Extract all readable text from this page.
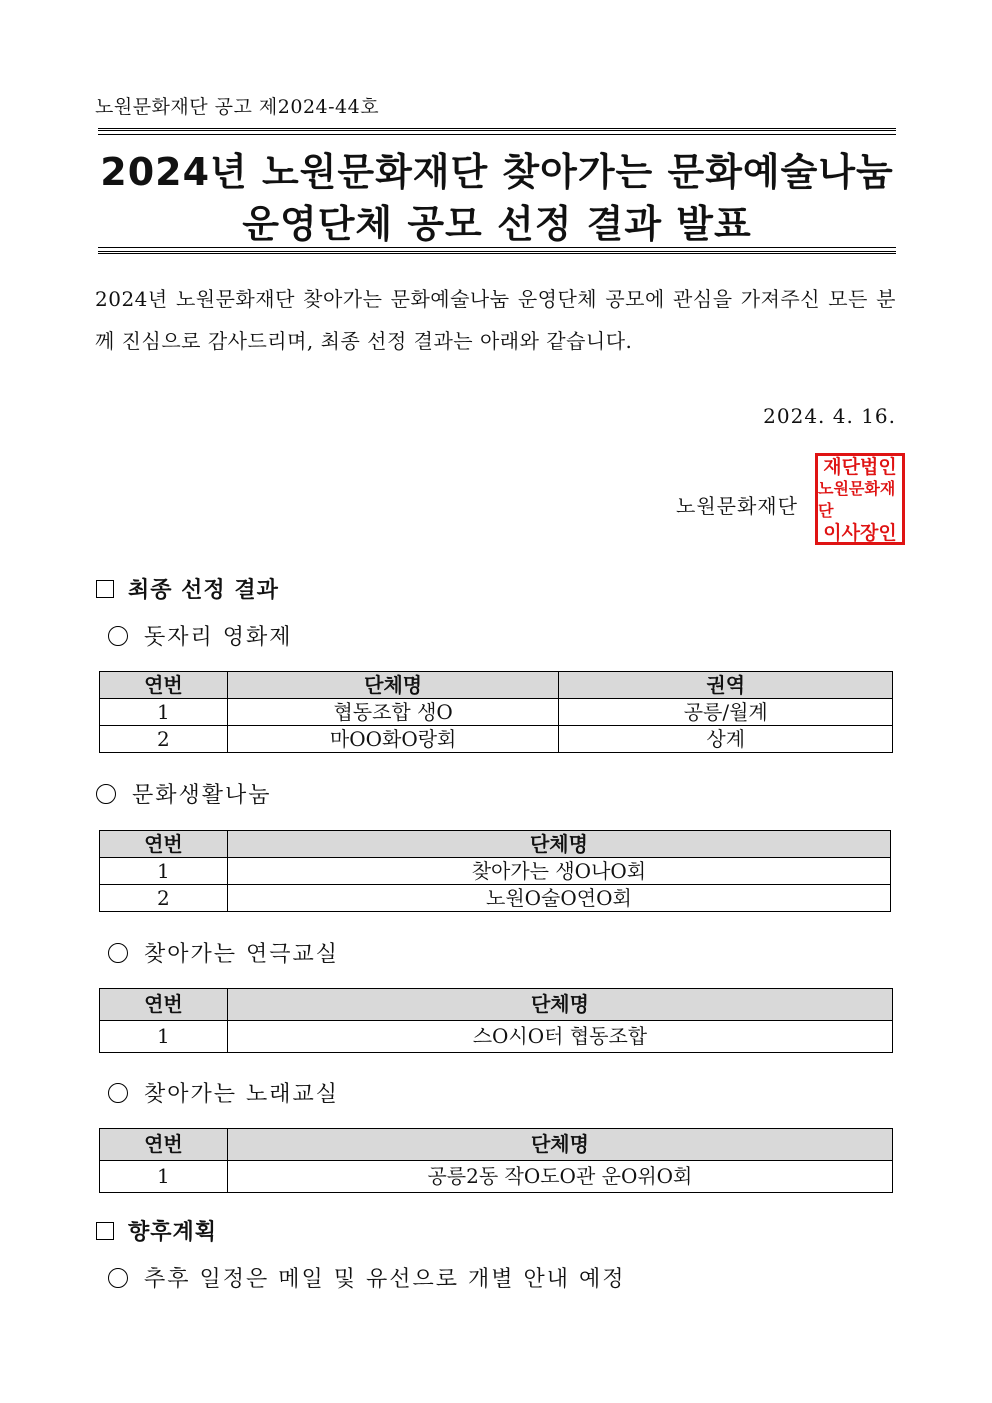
노원문화재단 공고 제2024-44호
2024년 노원문화재단 찾아가는 문화예술나눔
운영단체 공모 선정 결과 발표
2024년 노원문화재단 찾아가는 문화예술나눔 운영단체 공모에 관심을 가져주신 모든 분께 진심으로 감사드리며, 최종 선정 결과는 아래와 같습니다.
2024. 4. 16.
노원문화재단
재단법인
노원문화재단
이사장인
최종 선정 결과
돗자리 영화제
연번	단체명	권역
1	협동조합 생O	공릉/월계
2	마OO화O랑회	상계
문화생활나눔
연번	단체명
1	찾아가는 생O나O회
2	노원O술O연O회
찾아가는 연극교실
연번	단체명
1	스O시O터 협동조합
찾아가는 노래교실
연번	단체명
1	공릉2동 작O도O관 운O위O회
향후계획
추후 일정은 메일 및 유선으로 개별 안내 예정
